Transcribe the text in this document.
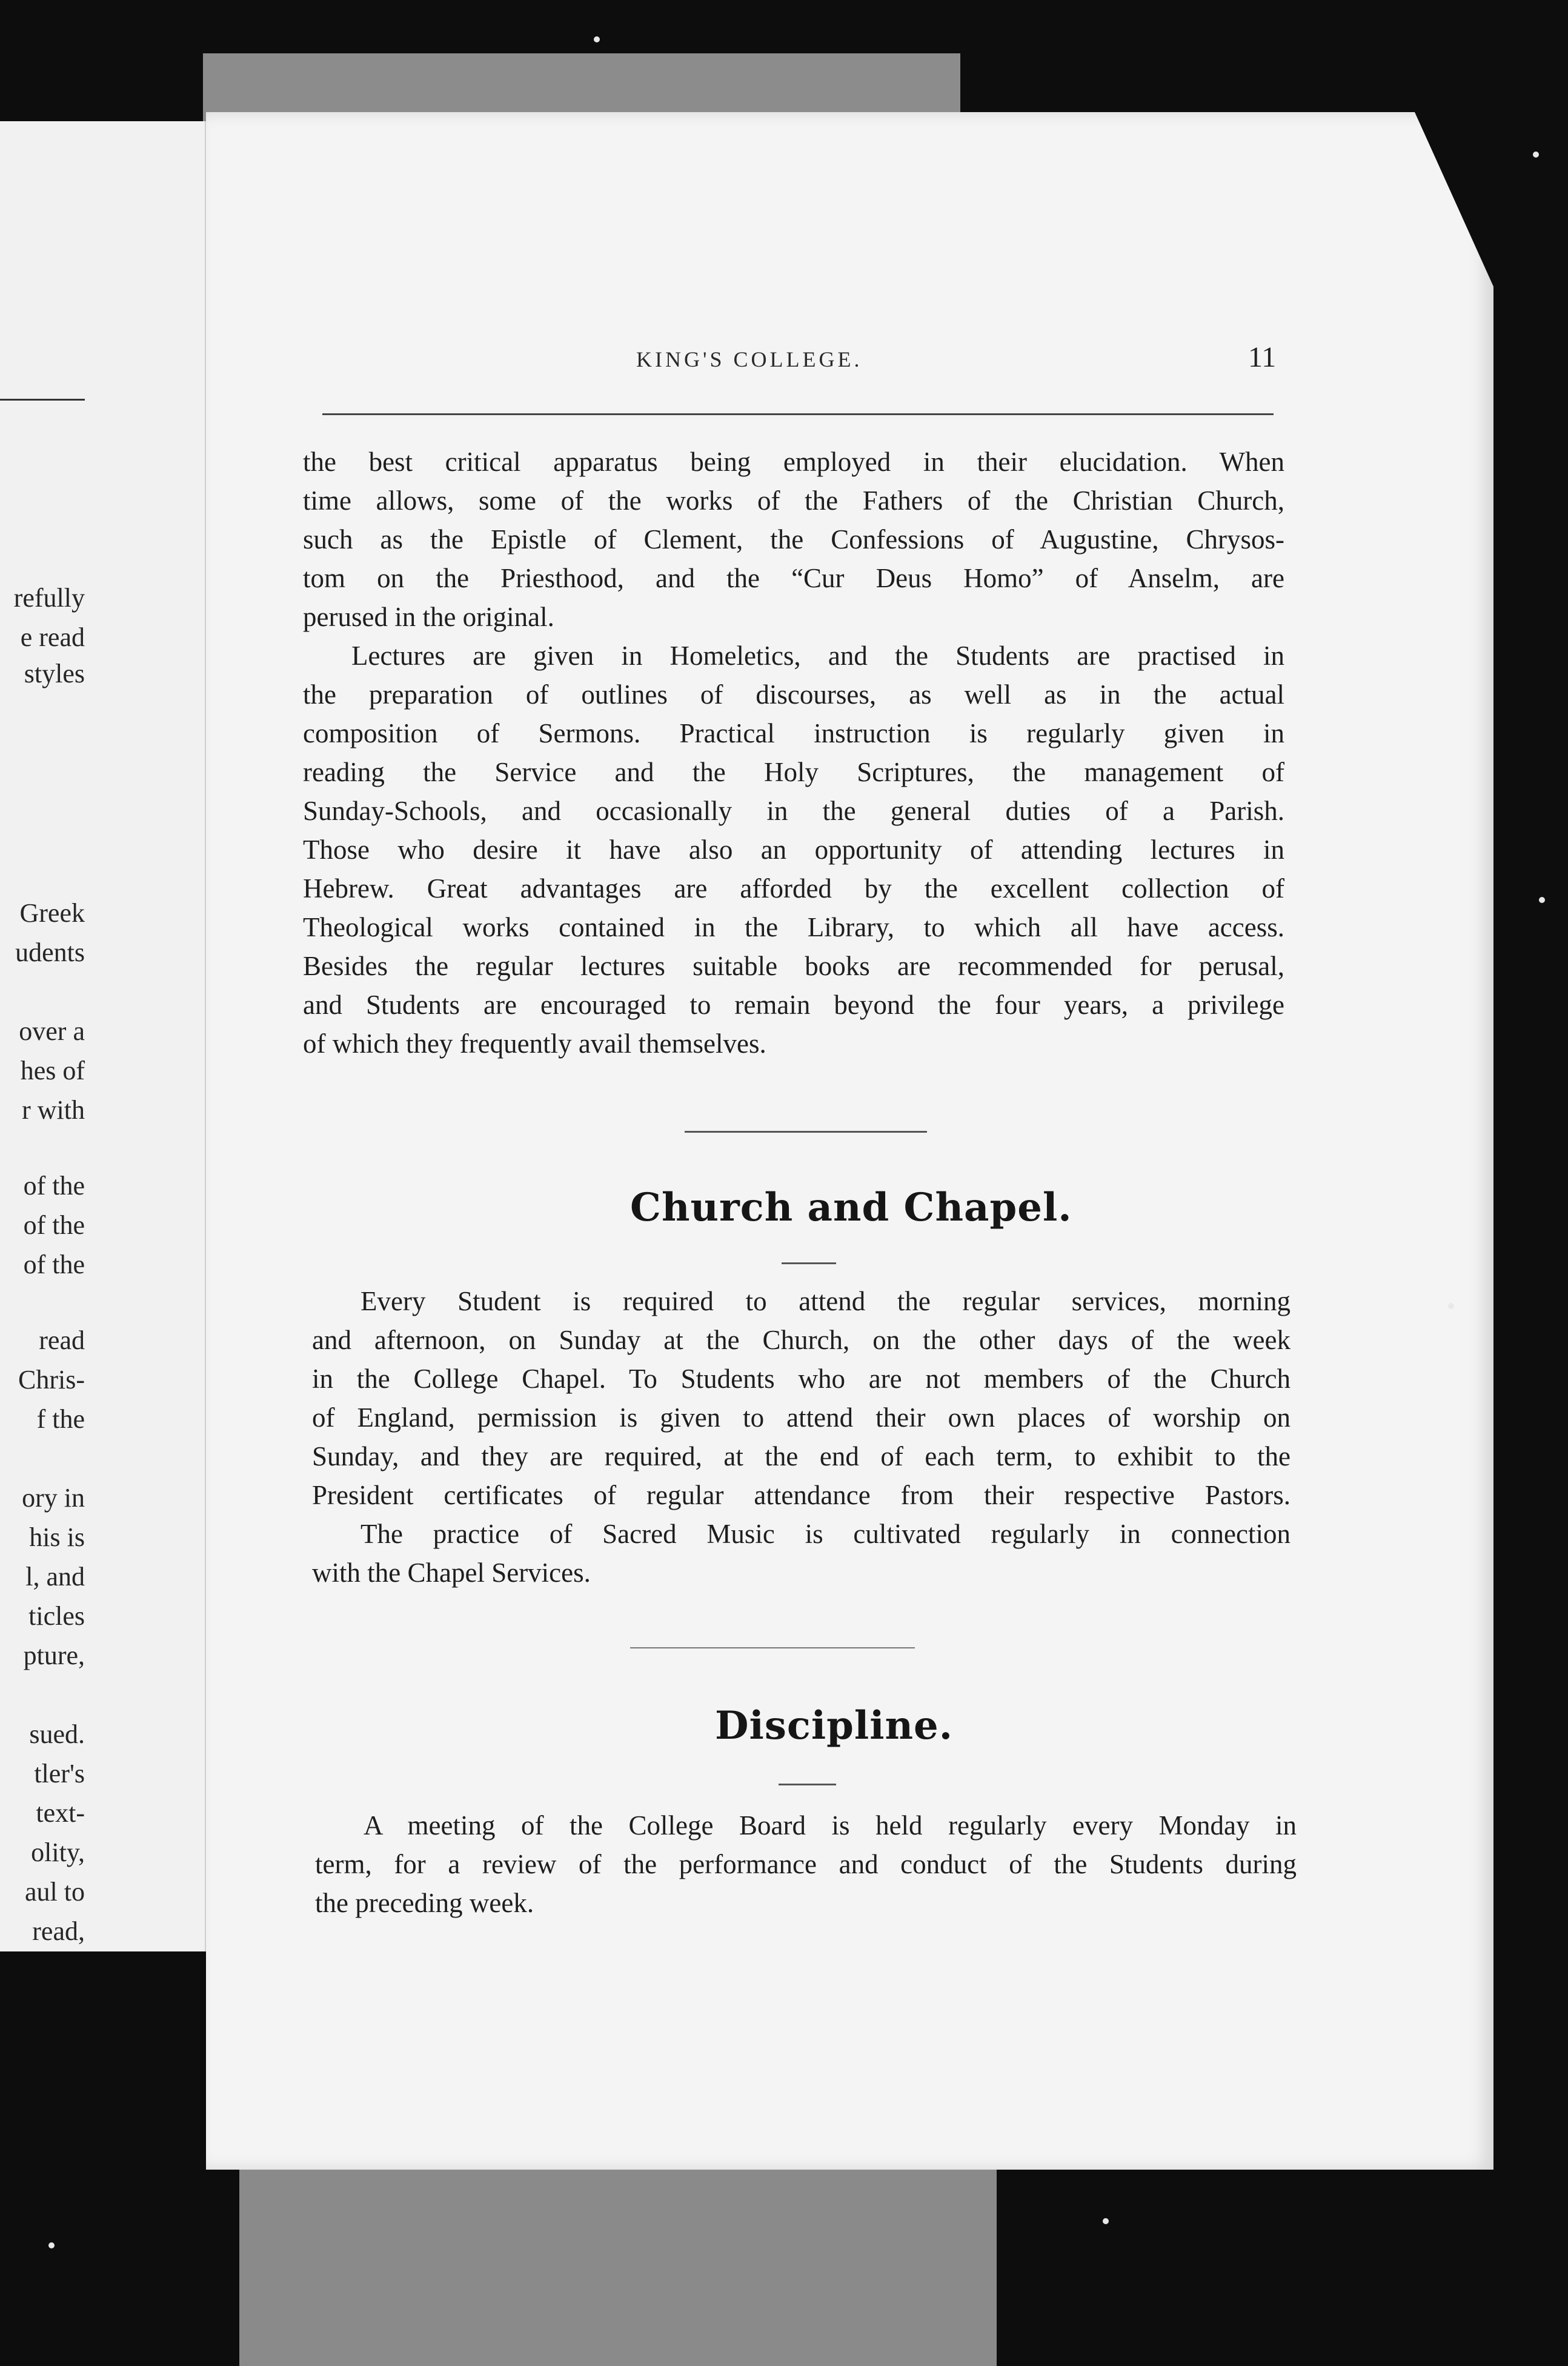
refully
e read
styles
Greek
udents
over a
hes of
r with
of the
of the
of the
read
Chris-
f the
ory in
his is
l, and
ticles
pture,
sued.
tler's
text-
olity,
aul to
read,
KING'S COLLEGE.	11

the best critical apparatus being employed in their elucidation. When

time allows, some of the works of the Fathers of the Christian Church,

such as the Epistle of Clement, the Confessions of Augustine, Chrysos-

tom on the Priesthood, and the “Cur Deus Homo” of Anselm, are

perused in the original.

Lectures are given in Homeletics, and the Students are practised in

the preparation of outlines of discourses, as well as in the actual

composition of Sermons. Practical instruction is regularly given in

reading the Service and the Holy Scriptures, the management of

Sunday-Schools, and occasionally in the general duties of a Parish.

Those who desire it have also an opportunity of attending lectures in

Hebrew. Great advantages are afforded by the excellent collection of

Theological works contained in the Library, to which all have access.

Besides the regular lectures suitable books are recommended for perusal,

and Students are encouraged to remain beyond the four years, a privilege

of which they frequently avail themselves.

Church and Chapel.

Every Student is required to attend the regular services, morning

and afternoon, on Sunday at the Church, on the other days of the week

in the College Chapel. To Students who are not members of the Church

of England, permission is given to attend their own places of worship on

Sunday, and they are required, at the end of each term, to exhibit to the

President certificates of regular attendance from their respective Pastors.

The practice of Sacred Music is cultivated regularly in connection

with the Chapel Services.

Discipline.

A meeting of the College Board is held regularly every Monday in

term, for a review of the performance and conduct of the Students during

the preceding week.
